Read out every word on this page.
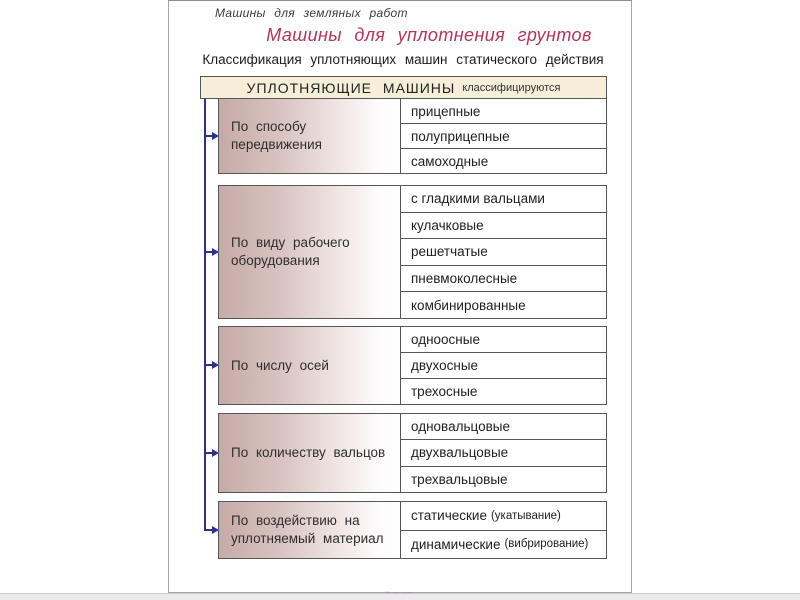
Машины для земляных работ
Машины для уплотнения грунтов
Классификация уплотняющих машин статического действия
УПЛОТНЯЮЩИЕ МАШИНЫ классифицируются
По способу передвижения
прицепные
полуприцепные
самоходные
По виду рабочего оборудования
с гладкими вальцами
кулачковые
решетчатые
пневмоколесные
комбинированные
По числу осей
одноосные
двухосные
трехосные
По количеству вальцов
одновальцовые
двухвальцовые
трехвальцовые
По воздействию на уплотняемый материал
статические (укатывание)
динамические (вибрирование)
